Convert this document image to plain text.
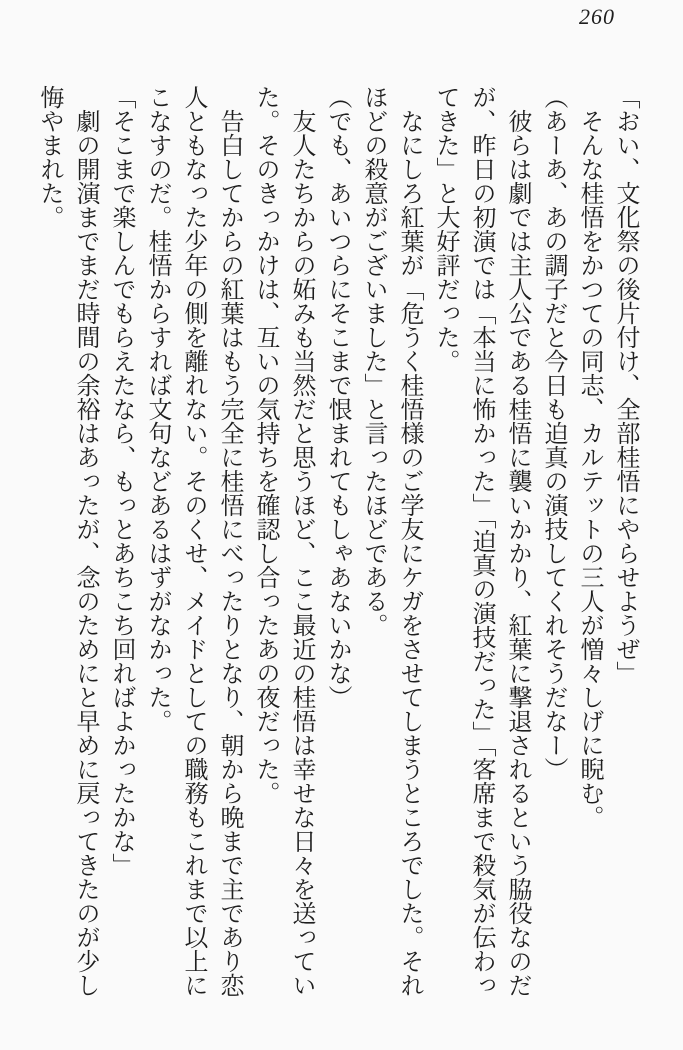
260

「おい、文化祭の後片付け、全部桂悟にやらせようぜ」

そんな桂悟をかつての同志、カルテットの三人が憎々しげに睨む。

（あーあ、あの調子だと今日も迫真の演技してくれそうだなー）

彼らは劇では主人公である桂悟に襲いかかり、紅葉に撃退されるという脇役なのだが、昨日の初演では「本当に怖かった」「迫真の演技だった」「客席まで殺気が伝わってきた」と大好評だった。

なにしろ紅葉が「危うく桂悟様のご学友にケガをさせてしまうところでした。それほどの殺意がございました」と言ったほどである。

（でも、あいつらにそこまで恨まれてもしゃあないかな）

友人たちからの妬みも当然だと思うほど、ここ最近の桂悟は幸せな日々を送っていた。そのきっかけは、互いの気持ちを確認し合ったあの夜だった。

告白してからの紅葉はもう完全に桂悟にべったりとなり、朝から晩まで主であり恋人ともなった少年の側を離れない。そのくせ、メイドとしての職務もこれまで以上にこなすのだ。桂悟からすれば文句などあるはずがなかった。

「そこまで楽しんでもらえたなら、もっとあちこち回ればよかったかな」

劇の開演までまだ時間の余裕はあったが、念のためにと早めに戻ってきたのが少し悔やまれた。
